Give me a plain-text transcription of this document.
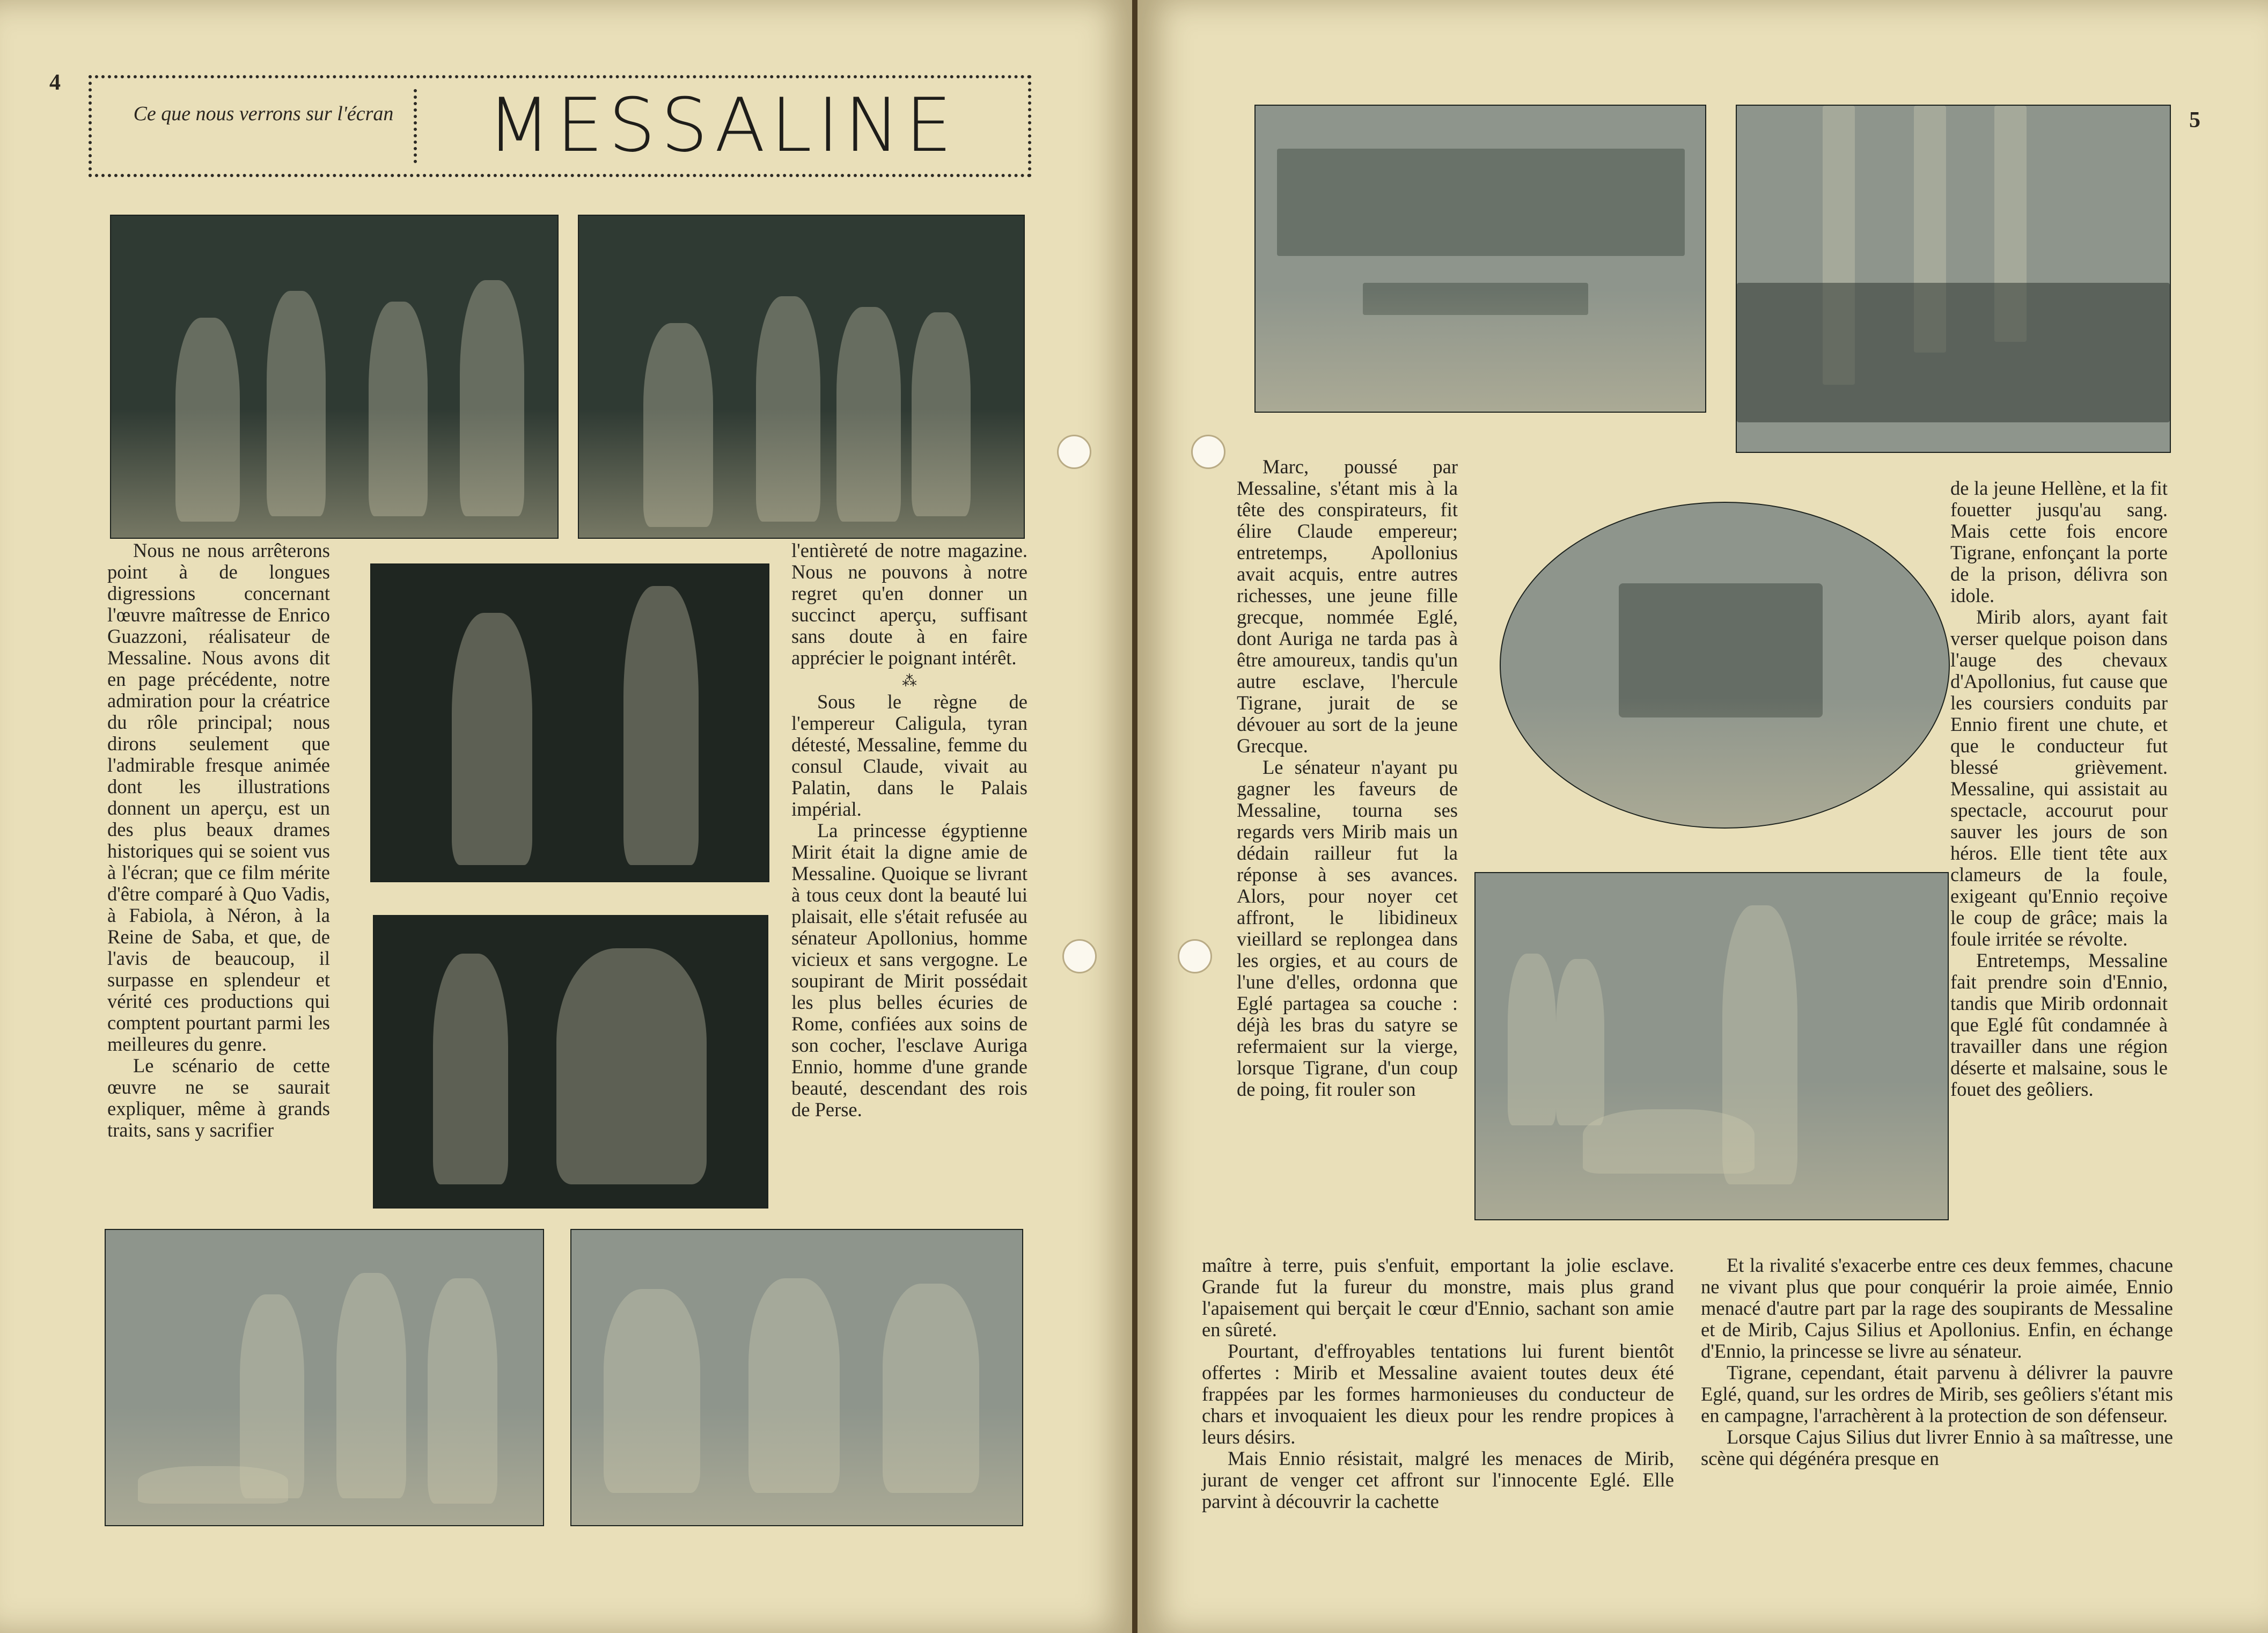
4
Ce que nous verrons sur l'écran	MESSALINE

Nous ne nous arrêterons point à de longues digressions concernant l'œuvre maîtresse de Enrico Guazzoni, réalisateur de Messaline. Nous avons dit en page précédente, notre admiration pour la créatrice du rôle principal; nous dirons seulement que l'admirable fresque animée dont les illustrations donnent un aperçu, est un des plus beaux drames historiques qui se soient vus à l'écran; que ce film mérite d'être comparé à Quo Vadis, à Fabiola, à Néron, à la Reine de Saba, et que, de l'avis de beaucoup, il surpasse en splendeur et vérité ces productions qui comptent pourtant parmi les meilleures du genre.

Le scénario de cette œuvre ne se saurait expliquer, même à grands traits, sans y sacrifier

l'entièreté de notre magazine. Nous ne pouvons à notre regret qu'en donner un succinct aperçu, suffisant sans doute à en faire apprécier le poignant intérêt.

⁂

Sous le règne de l'empereur Caligula, tyran détesté, Messaline, femme du consul Claude, vivait au Palatin, dans le Palais impérial.

La princesse égyptienne Mirit était la digne amie de Messaline. Quoique se livrant à tous ceux dont la beauté lui plaisait, elle s'était refusée au sénateur Apollonius, homme vicieux et sans vergogne. Le soupirant de Mirit possédait les plus belles écuries de Rome, confiées aux soins de son cocher, l'esclave Auriga Ennio, homme d'une grande beauté, descendant des rois de Perse.

5

Marc, poussé par Messaline, s'étant mis à la tête des conspirateurs, fit élire Claude empereur; entretemps, Apollonius avait acquis, entre autres richesses, une jeune fille grecque, nommée Eglé, dont Auriga ne tarda pas à être amoureux, tandis qu'un autre esclave, l'hercule Tigrane, jurait de se dévouer au sort de la jeune Grecque.

Le sénateur n'ayant pu gagner les faveurs de Messaline, tourna ses regards vers Mirib mais un dédain railleur fut la réponse à ses avances. Alors, pour noyer cet affront, le libidineux vieillard se replongea dans les orgies, et au cours de l'une d'elles, ordonna que Eglé partagea sa couche : déjà les bras du satyre se refermaient sur la vierge, lorsque Tigrane, d'un coup de poing, fit rouler son

de la jeune Hellène, et la fit fouetter jusqu'au sang. Mais cette fois encore Tigrane, enfonçant la porte de la prison, délivra son idole.

Mirib alors, ayant fait verser quelque poison dans l'auge des chevaux d'Apollonius, fut cause que les coursiers conduits par Ennio firent une chute, et que le conducteur fut blessé grièvement. Messaline, qui assistait au spectacle, accourut pour sauver les jours de son héros. Elle tient tête aux clameurs de la foule, exigeant qu'Ennio reçoive le coup de grâce; mais la foule irritée se révolte.

Entretemps, Messaline fait prendre soin d'Ennio, tandis que Mirib ordonnait que Eglé fût condamnée à travailler dans une région déserte et malsaine, sous le fouet des geôliers.

maître à terre, puis s'enfuit, emportant la jolie esclave. Grande fut la fureur du monstre, mais plus grand l'apaisement qui berçait le cœur d'Ennio, sachant son amie en sûreté.

Pourtant, d'effroyables tentations lui furent bientôt offertes : Mirib et Messaline avaient toutes deux été frappées par les formes harmonieuses du conducteur de chars et invoquaient les dieux pour les rendre propices à leurs désirs.

Mais Ennio résistait, malgré les menaces de Mirib, jurant de venger cet affront sur l'innocente Eglé. Elle parvint à découvrir la cachette

Et la rivalité s'exacerbe entre ces deux femmes, chacune ne vivant plus que pour conquérir la proie aimée, Ennio menacé d'autre part par la rage des soupirants de Messaline et de Mirib, Cajus Silius et Apollonius. Enfin, en échange d'Ennio, la princesse se livre au sénateur.

Tigrane, cependant, était parvenu à délivrer la pauvre Eglé, quand, sur les ordres de Mirib, ses geôliers s'étant mis en campagne, l'arrachèrent à la protection de son défenseur.

Lorsque Cajus Silius dut livrer Ennio à sa maîtresse, une scène qui dégénéra presque en
